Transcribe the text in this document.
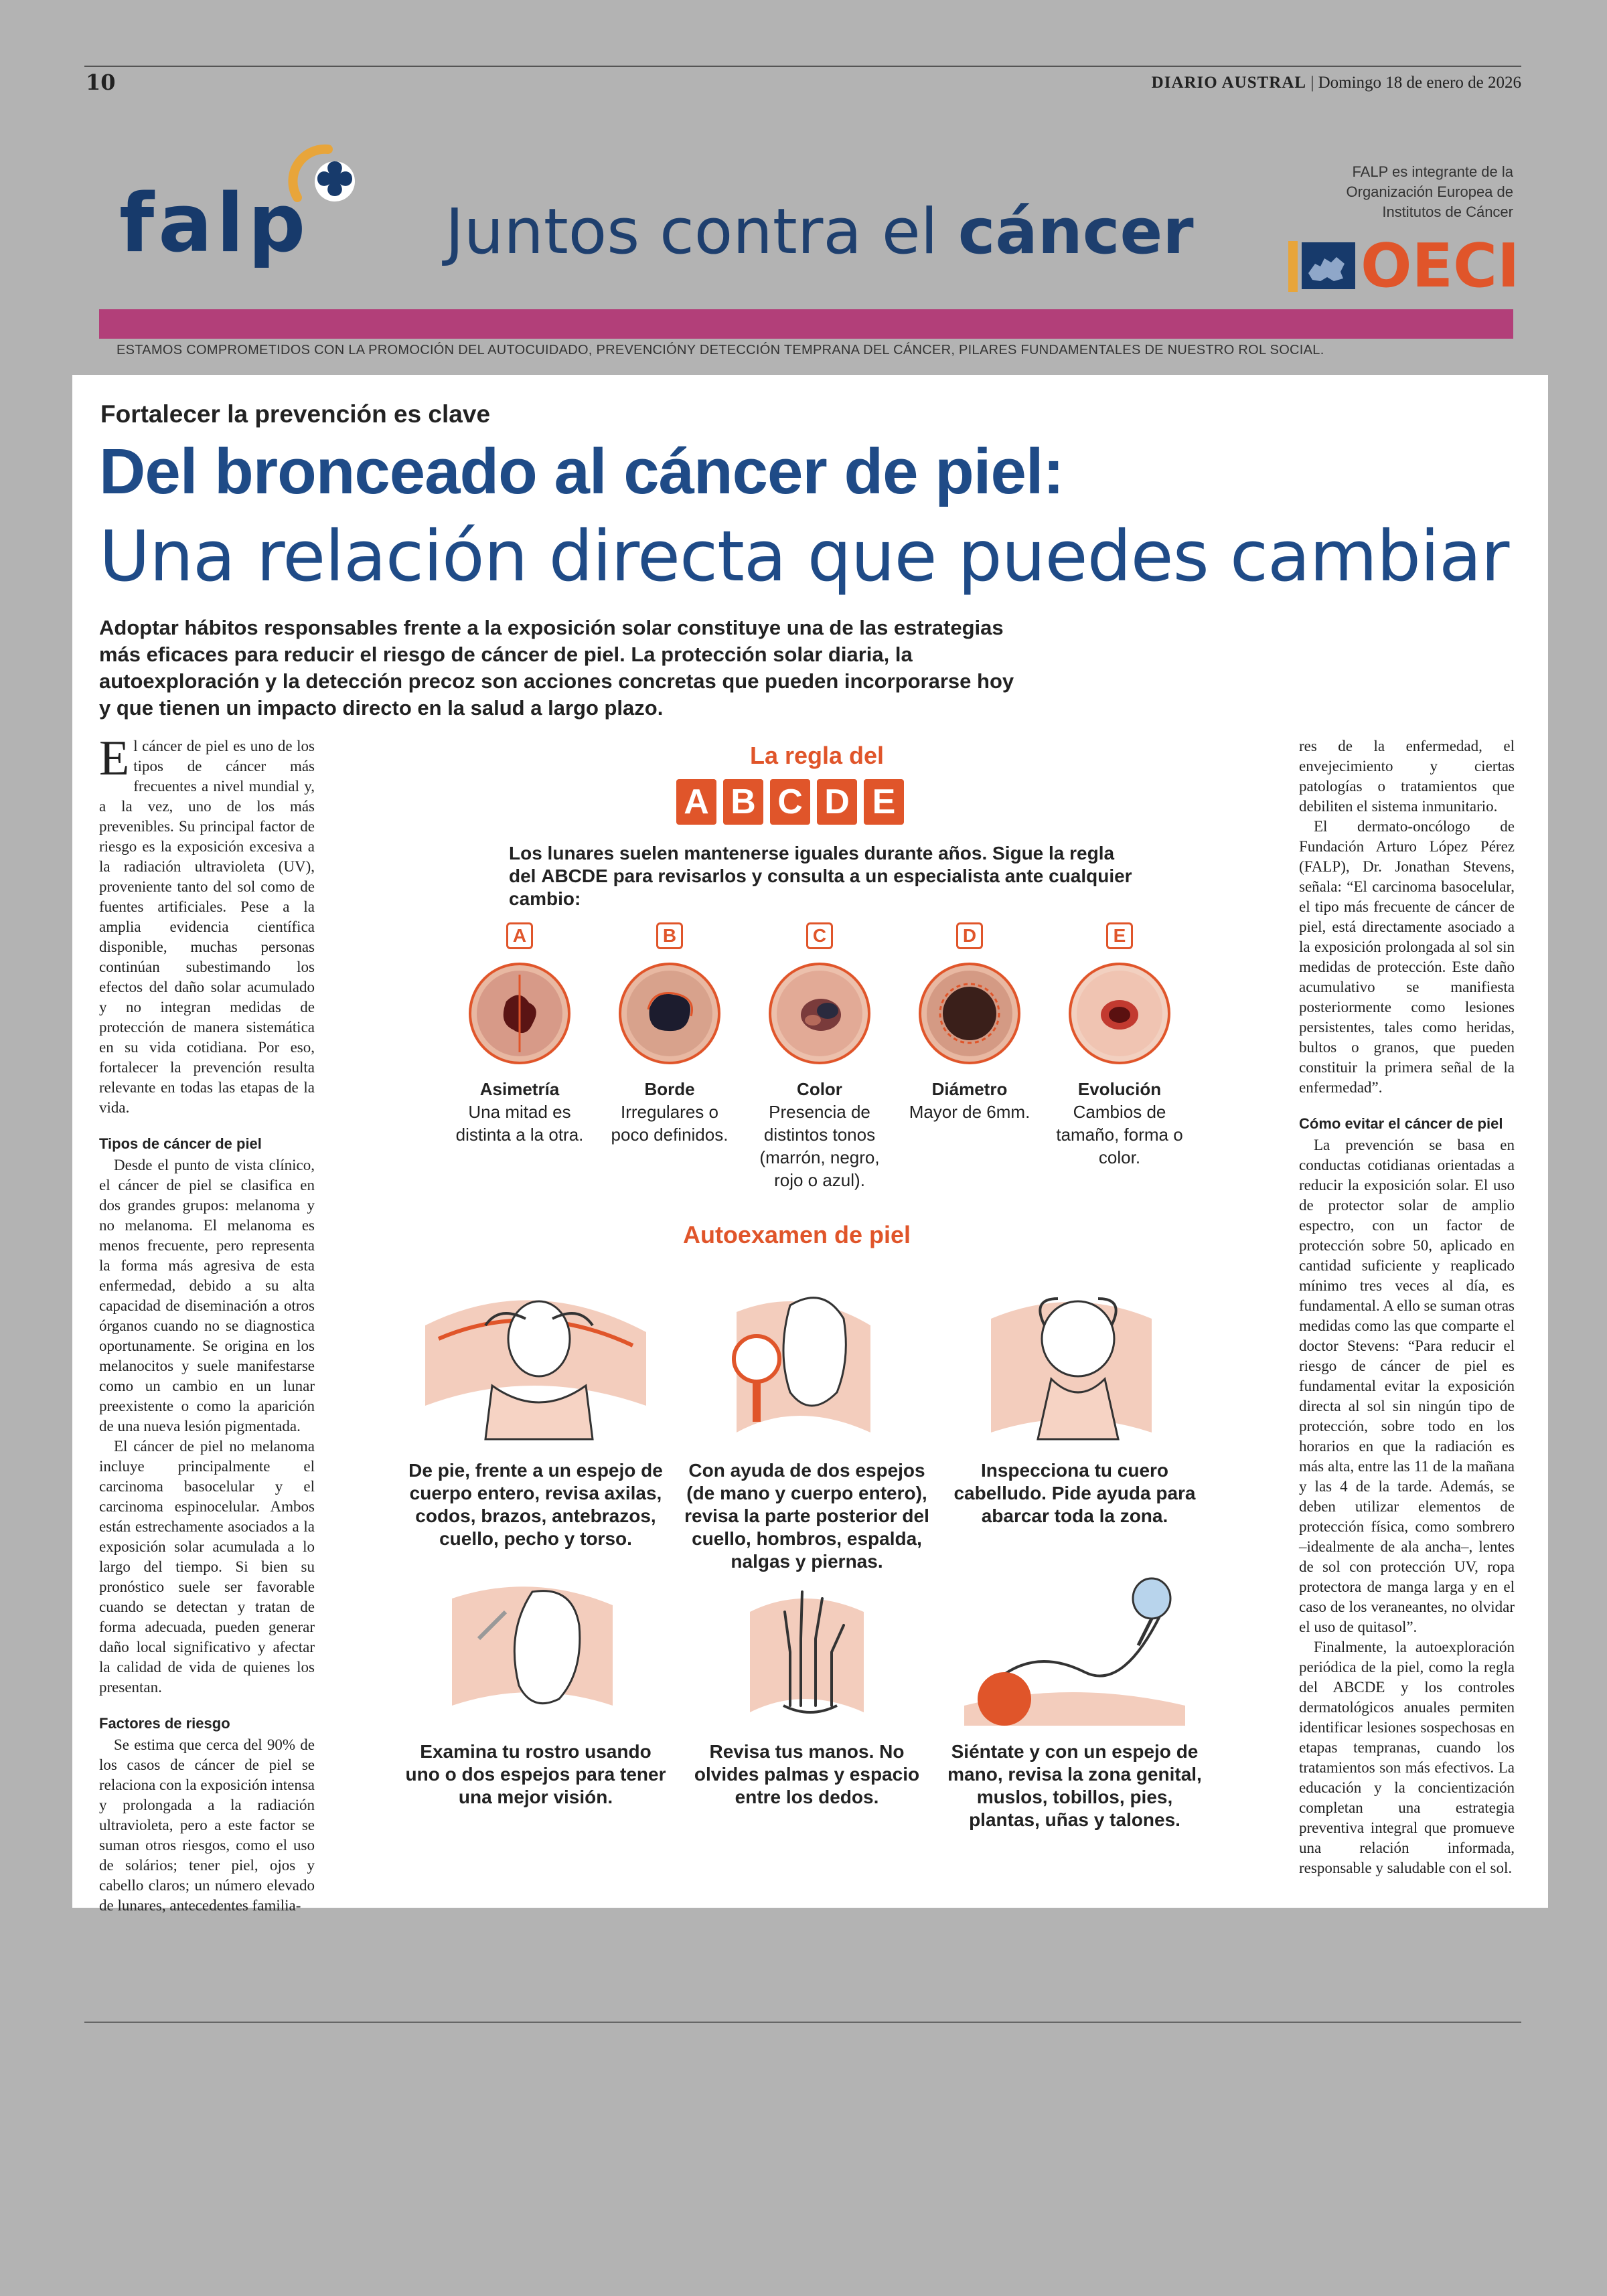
10	DIARIO AUSTRAL | Domingo 18 de enero de 2026
falp Juntos contra el cáncer
FALP es integrante de la
Organización Europea de
Institutos de Cáncer
OECI
ESTAMOS COMPROMETIDOS CON LA PROMOCIÓN DEL AUTOCUIDADO, PREVENCIÓNY DETECCIÓN TEMPRANA DEL CÁNCER, PILARES FUNDAMENTALES DE NUESTRO ROL SOCIAL.
Fortalecer la prevención es clave
Del bronceado al cáncer de piel:
Una relación directa que puedes cambiar
Adoptar hábitos responsables frente a la exposición solar constituye una de las estrategias más eficaces para reducir el riesgo de cáncer de piel. La protección solar diaria, la autoexploración y la detección precoz son acciones concretas que pueden incorporarse hoy y que tienen un impacto directo en la salud a largo plazo.

El cáncer de piel es uno de los tipos de cáncer más frecuentes a nivel mundial y, a la vez, uno de los más prevenibles. Su principal factor de riesgo es la exposición excesiva a la radiación ultravioleta (UV), proveniente tanto del sol como de fuentes artificiales. Pese a la amplia evidencia científica disponible, muchas personas continúan subestimando los efectos del daño solar acumulado y no integran medidas de protección de manera sistemática en su vida cotidiana. Por eso, fortalecer la prevención resulta relevante en todas las etapas de la vida.

Tipos de cáncer de piel

Desde el punto de vista clínico, el cáncer de piel se clasifica en dos grandes grupos: melanoma y no melanoma. El melanoma es menos frecuente, pero representa la forma más agresiva de esta enfermedad, debido a su alta capacidad de diseminación a otros órganos cuando no se diagnostica oportunamente. Se origina en los melanocitos y suele manifestarse como un cambio en un lunar preexistente o como la aparición de una nueva lesión pigmentada.

El cáncer de piel no melanoma incluye principalmente el carcinoma basocelular y el carcinoma espinocelular. Ambos están estrechamente asociados a la exposición solar acumulada a lo largo del tiempo. Si bien su pronóstico suele ser favorable cuando se detectan y tratan de forma adecuada, pueden generar daño local significativo y afectar la calidad de vida de quienes los presentan.

Factores de riesgo

Se estima que cerca del 90% de los casos de cáncer de piel se relaciona con la exposición intensa y prolongada a la radiación ultravioleta, pero a este factor se suman otros riesgos, como el uso de solários; tener piel, ojos y cabello claros; un número elevado de lunares, antecedentes familia-

res de la enfermedad, el envejecimiento y ciertas patologías o tratamientos que debiliten el sistema inmunitario.

El dermato-oncólogo de Fundación Arturo López Pérez (FALP), Dr. Jonathan Stevens, señala: “El carcinoma basocelular, el tipo más frecuente de cáncer de piel, está directamente asociado a la exposición prolongada al sol sin medidas de protección. Este daño acumulativo se manifiesta posteriormente como lesiones persistentes, tales como heridas, bultos o granos, que pueden constituir la primera señal de la enfermedad”.

Cómo evitar el cáncer de piel

La prevención se basa en conductas cotidianas orientadas a reducir la exposición solar. El uso de protector solar de amplio espectro, con un factor de protección sobre 50, aplicado en cantidad suficiente y reaplicado mínimo tres veces al día, es fundamental. A ello se suman otras medidas como las que comparte el doctor Stevens: “Para reducir el riesgo de cáncer de piel es fundamental evitar la exposición directa al sol sin ningún tipo de protección, sobre todo en los horarios en que la radiación es más alta, entre las 11 de la mañana y las 4 de la tarde. Además, se deben utilizar elementos de protección física, como sombrero –idealmente de ala ancha–, lentes de sol con protección UV, ropa protectora de manga larga y en el caso de los veraneantes, no olvidar el uso de quitasol”.

Finalmente, la autoexploración periódica de la piel, como la regla del ABCDE y los controles dermatológicos anuales permiten identificar lesiones sospechosas en etapas tempranas, cuando los tratamientos son más efectivos. La educación y la concientización completan una estrategia preventiva integral que promueve una relación informada, responsable y saludable con el sol.

La regla del
A B C D E
Los lunares suelen mantenerse iguales durante años. Sigue la regla del ABCDE para revisarlos y consulta a un especialista ante cualquier cambio:
A	B	C	D	E
Asimetría
Una mitad es distinta a la otra.
Borde
Irregulares o poco definidos.
Color
Presencia de distintos tonos (marrón, negro, rojo o azul).
Diámetro
Mayor de 6mm.
Evolución
Cambios de tamaño, forma o color.
Autoexamen de piel
De pie, frente a un espejo de cuerpo entero, revisa axilas, codos, brazos, antebrazos, cuello, pecho y torso.
Con ayuda de dos espejos (de mano y cuerpo entero), revisa la parte posterior del cuello, hombros, espalda, nalgas y piernas.
Inspecciona tu cuero cabelludo. Pide ayuda para abarcar toda la zona.
Examina tu rostro usando uno o dos espejos para tener una mejor visión.
Revisa tus manos. No olvides palmas y espacio entre los dedos.
Siéntate y con un espejo de mano, revisa la zona genital, muslos, tobillos, pies, plantas, uñas y talones.
